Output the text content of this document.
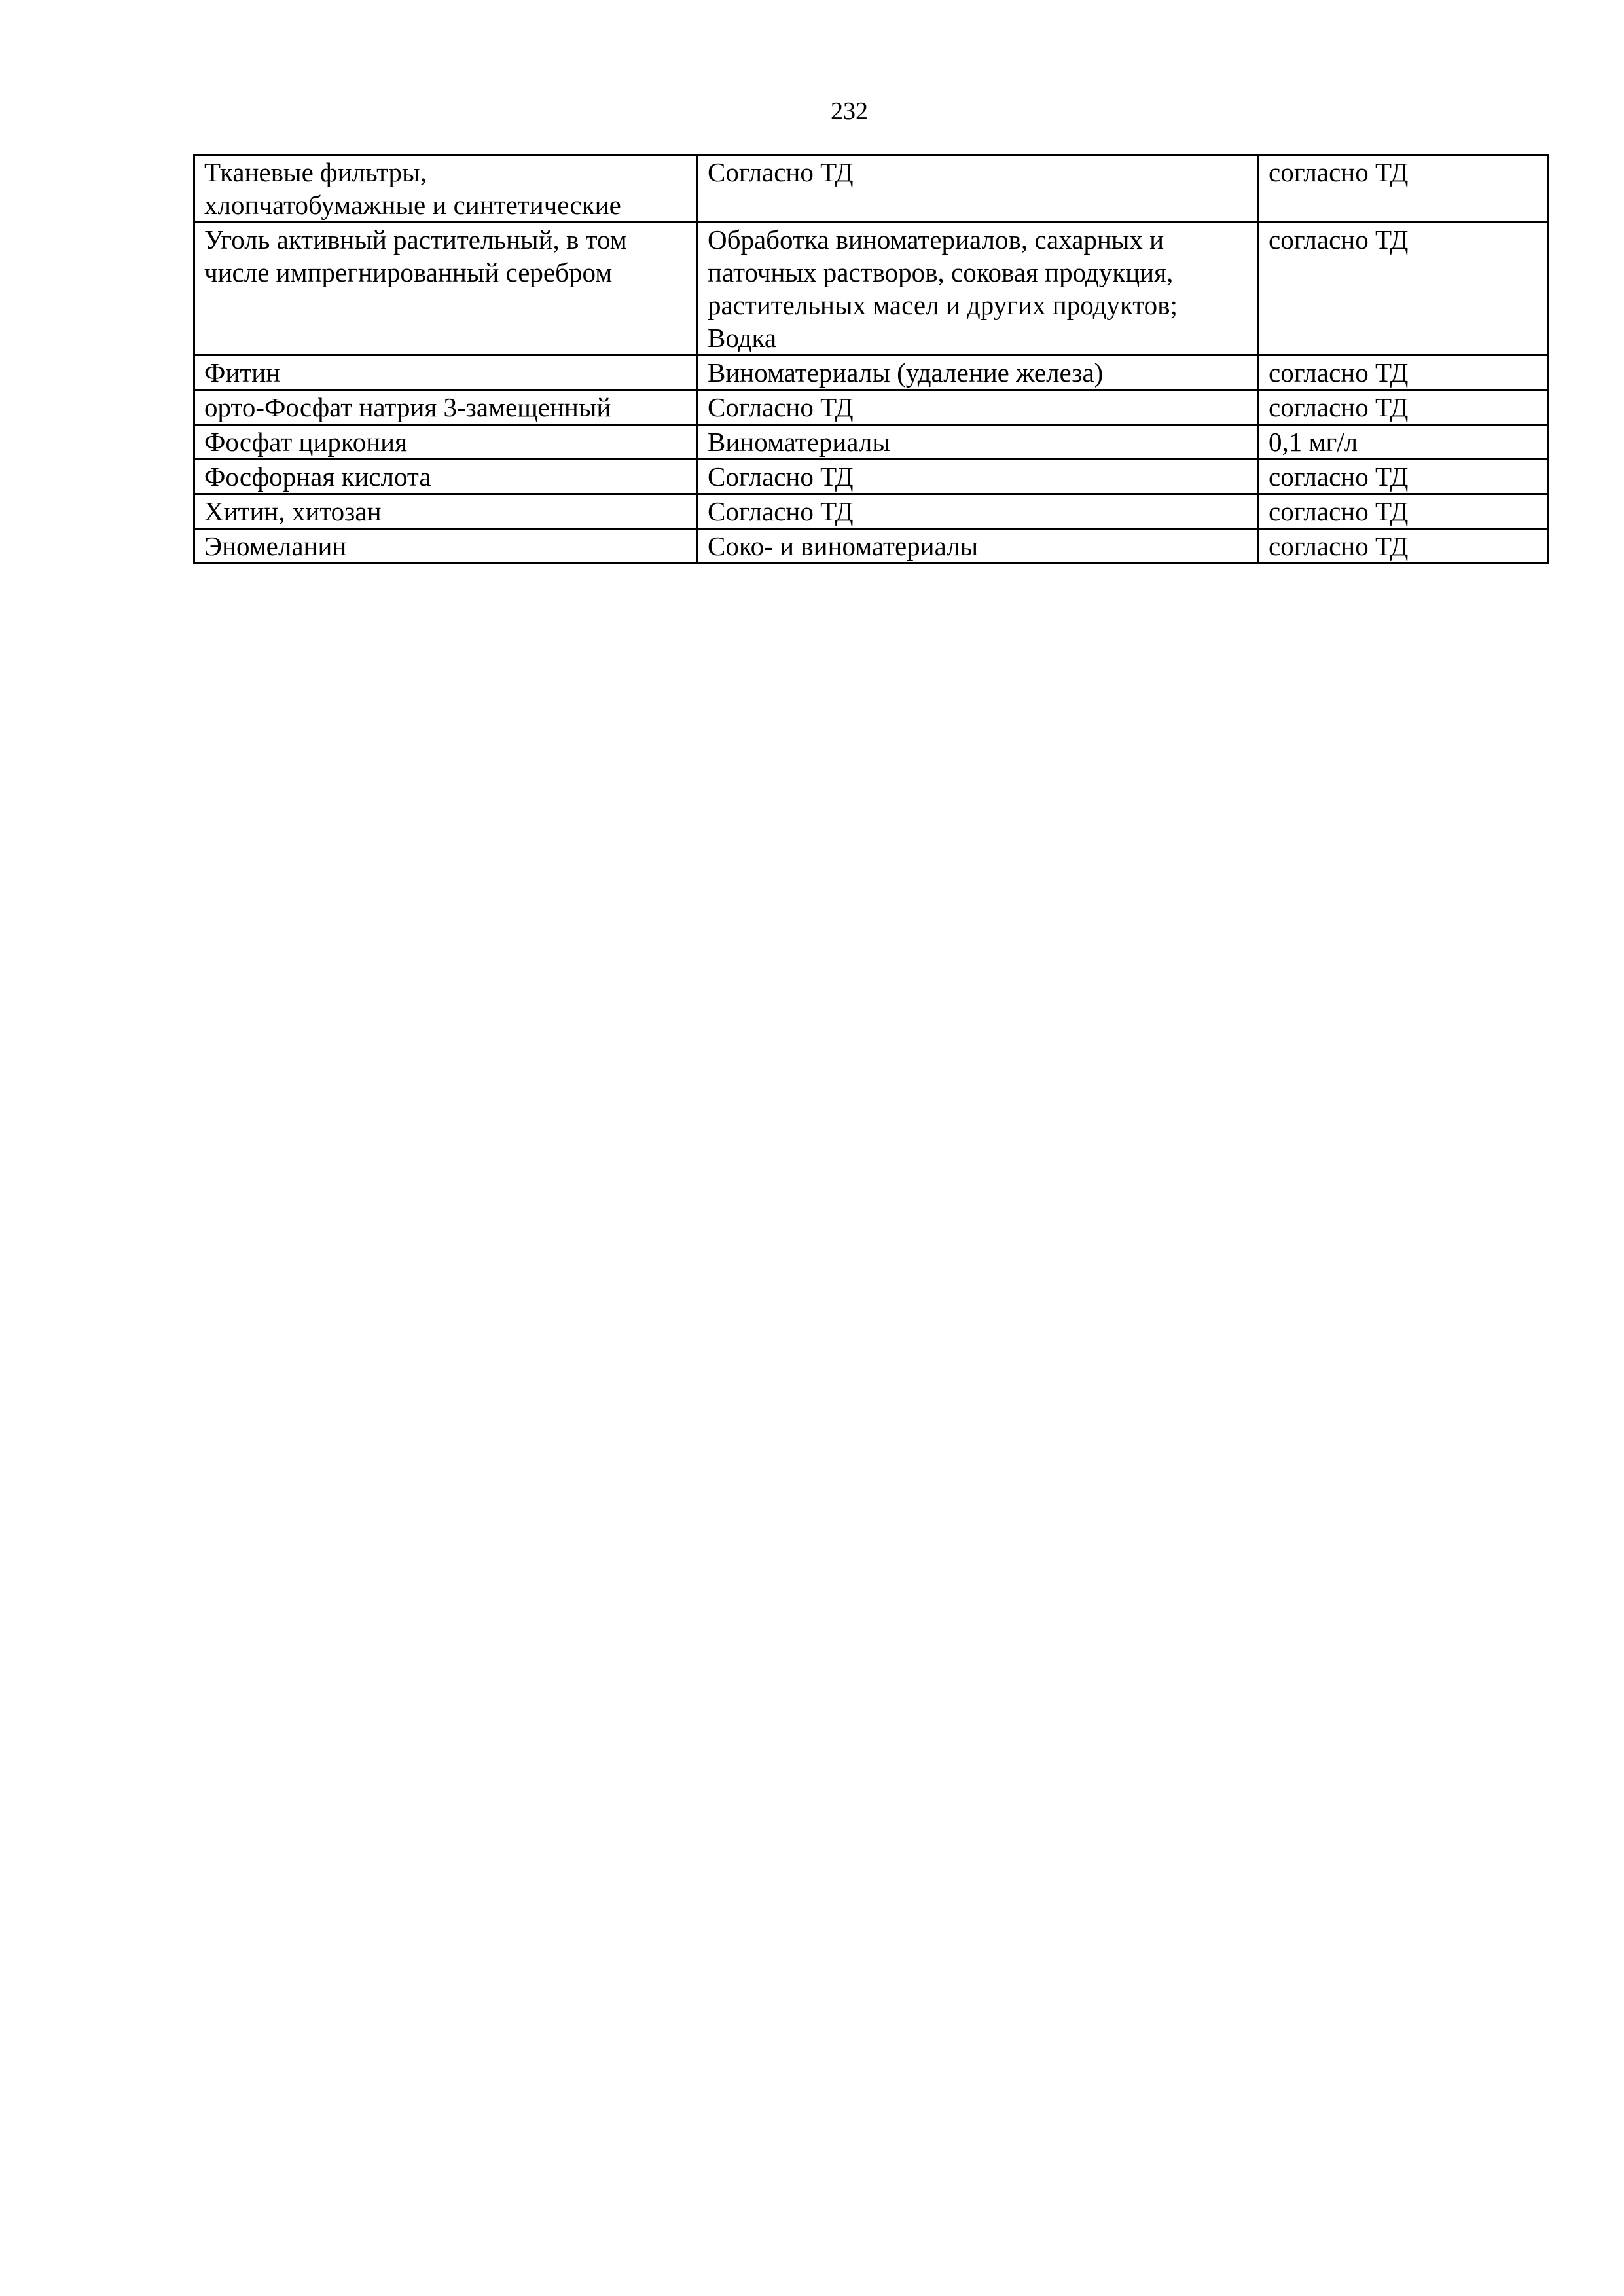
232
Тканевые фильтры,
хлопчатобумажные и синтетические	Согласно ТД	согласно ТД

Уголь активный растительный, в том
числе импрегнированный серебром	Обработка виноматериалов, сахарных и
паточных растворов, соковая продукция,
растительных масел и других продуктов;
Водка	согласно ТД

Фитин	Виноматериалы (удаление железа)	согласно ТД

орто-Фосфат натрия 3-замещенный	Согласно ТД	согласно ТД

Фосфат циркония	Виноматериалы	0,1 мг/л

Фосфорная кислота	Согласно ТД	согласно ТД

Хитин, хитозан	Согласно ТД	согласно ТД

Эномеланин	Соко- и виноматериалы	согласно ТД
